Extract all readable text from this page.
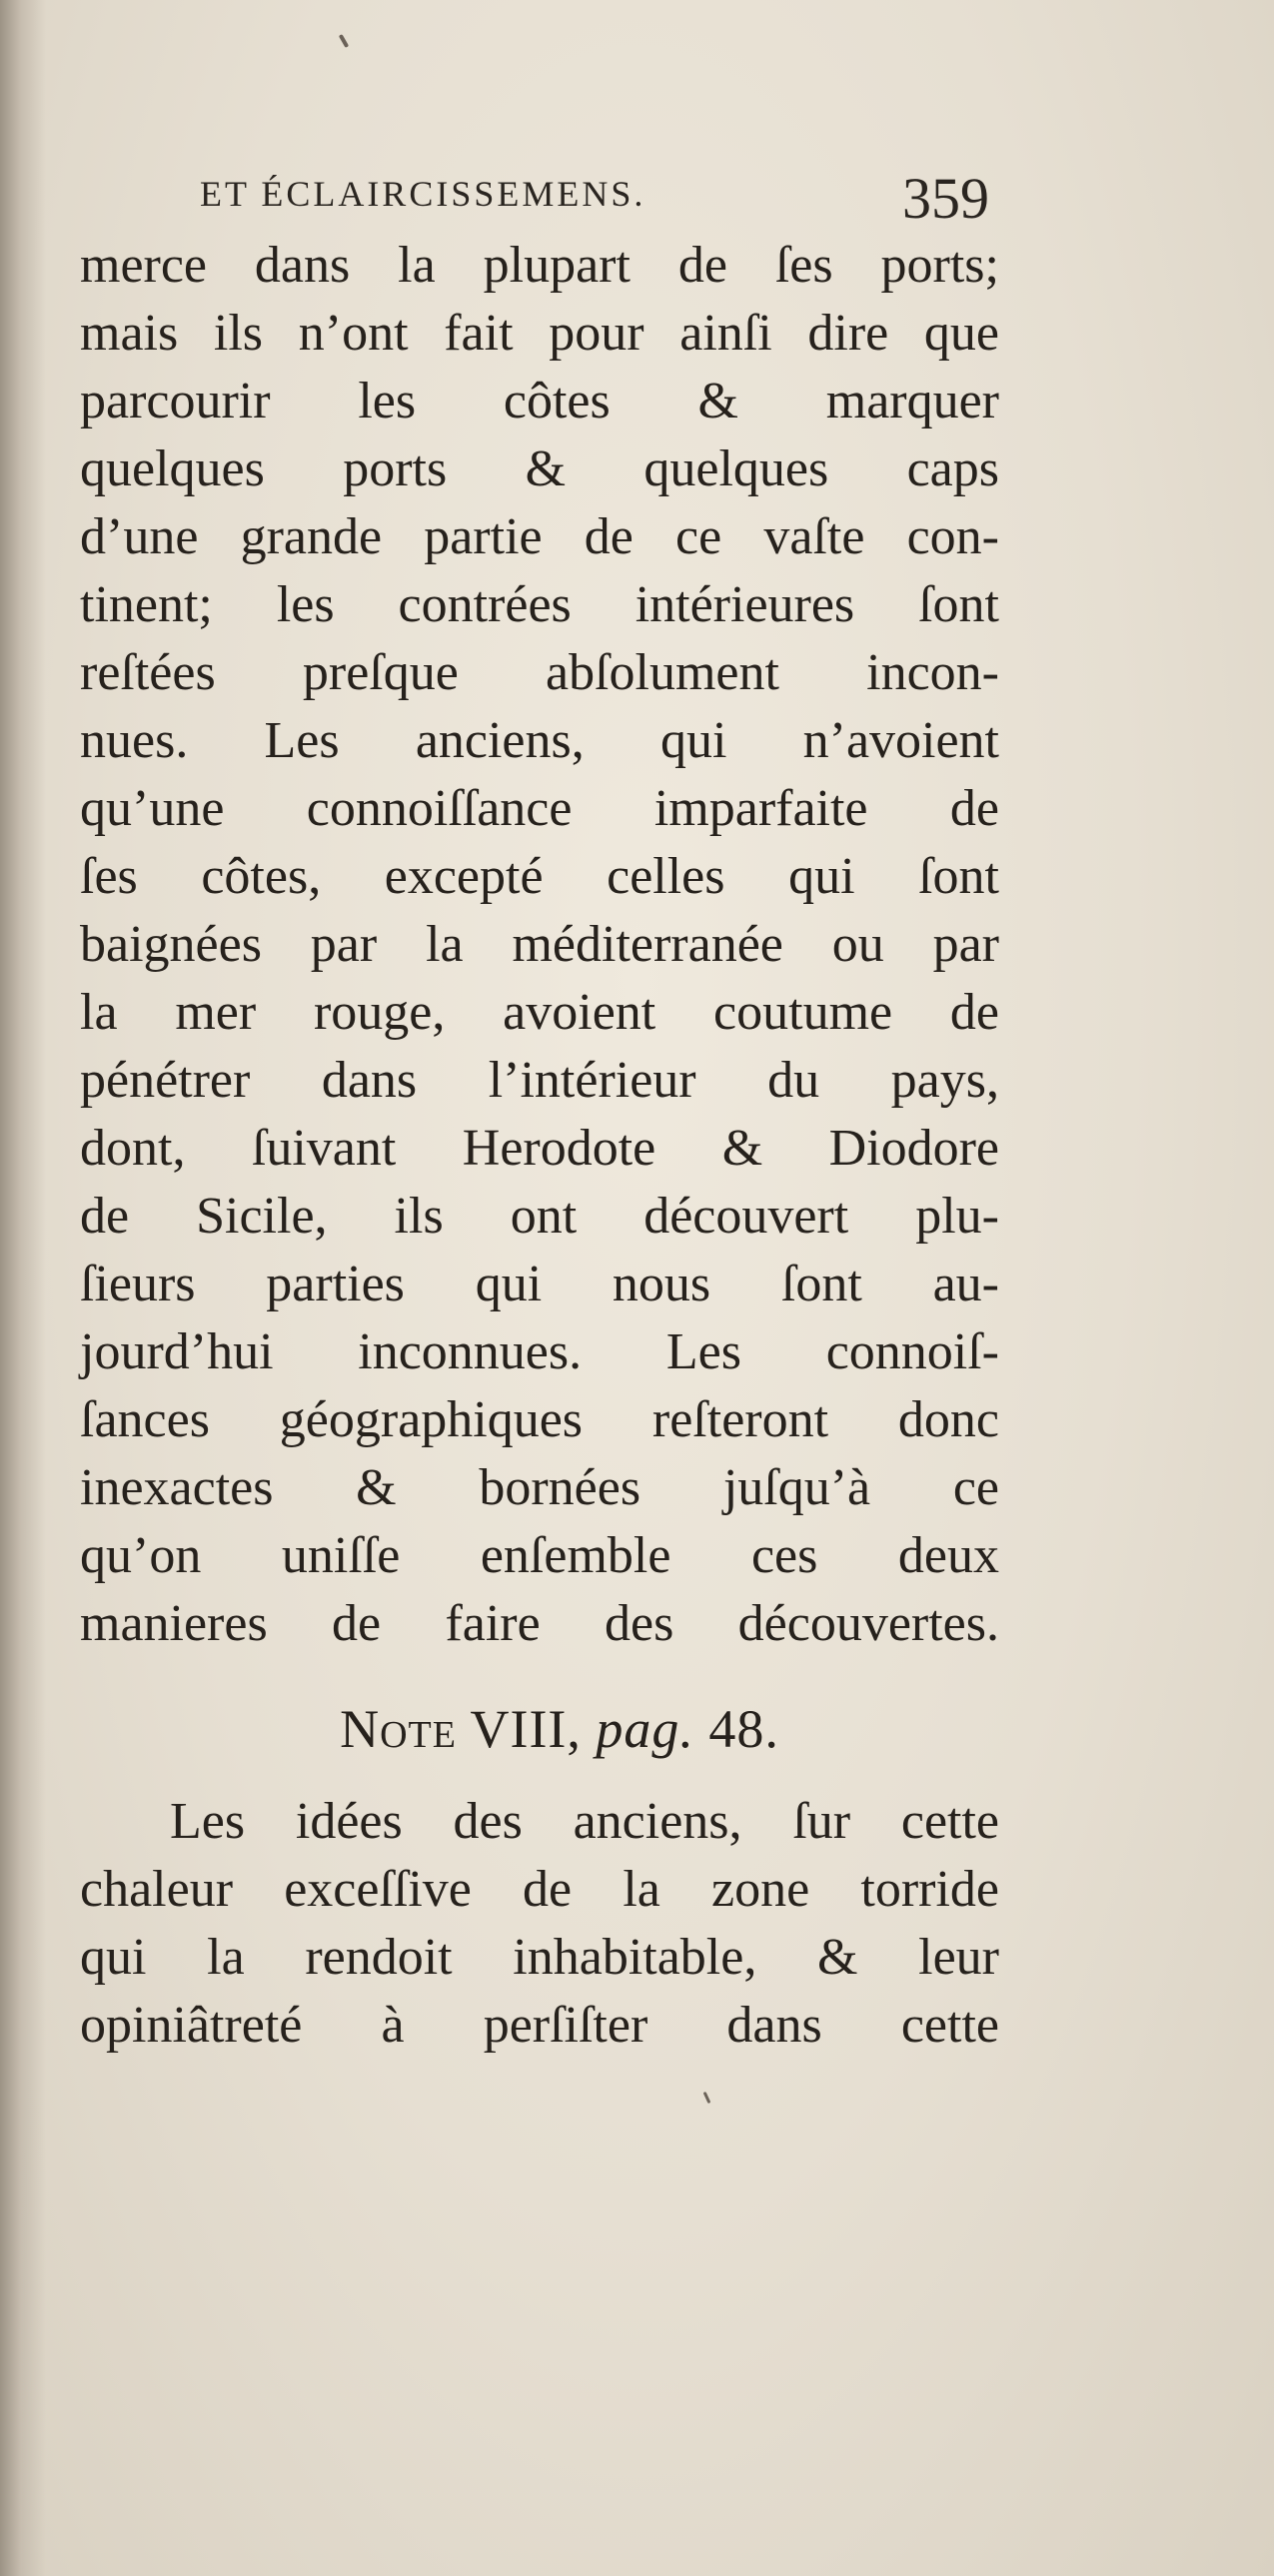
ET ÉCLAIRCISSEMENS.	359
merce dans la plupart de ſes ports;
mais ils n’ont fait pour ainſi dire que
parcourir les côtes & marquer
quelques ports & quelques caps
d’une grande partie de ce vaſte con-
tinent; les contrées intérieures ſont
reſtées preſque abſolument incon-
nues. Les anciens, qui n’avoient
qu’une connoiſſance imparfaite de
ſes côtes, excepté celles qui ſont
baignées par la méditerranée ou par
la mer rouge, avoient coutume de
pénétrer dans l’intérieur du pays,
dont, ſuivant Herodote & Diodore
de Sicile, ils ont découvert plu-
ſieurs parties qui nous ſont au-
jourd’hui inconnues. Les connoiſ-
ſances géographiques reſteront donc
inexactes & bornées juſqu’à ce
qu’on uniſſe enſemble ces deux
manieres de faire des découvertes.
Note VIII, pag. 48.
Les idées des anciens, ſur cette
chaleur exceſſive de la zone torride
qui la rendoit inhabitable, & leur
opiniâtreté à perſiſter dans cette
